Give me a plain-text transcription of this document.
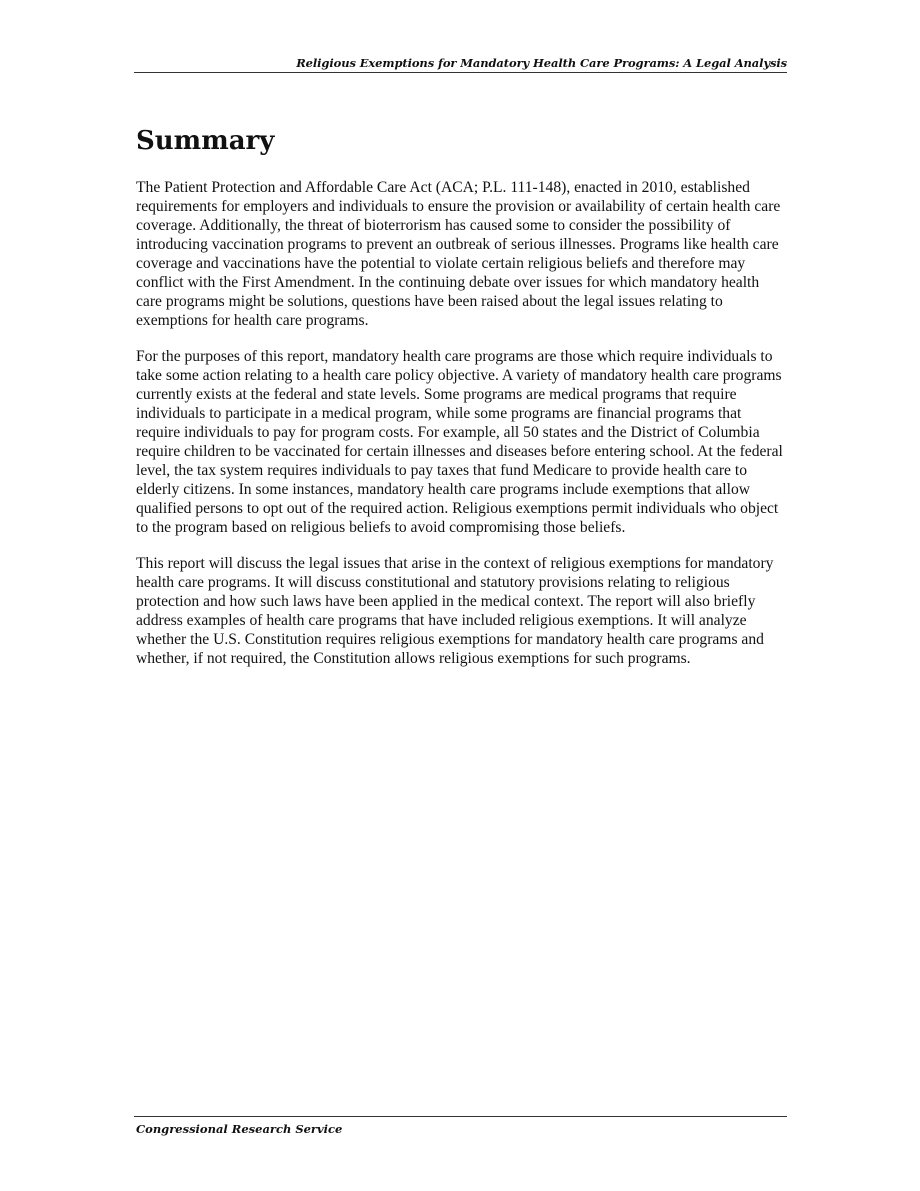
Religious Exemptions for Mandatory Health Care Programs: A Legal Analysis
Summary

The Patient Protection and Affordable Care Act (ACA; P.L. 111-148), enacted in 2010, established requirements for employers and individuals to ensure the provision or availability of certain health care coverage. Additionally, the threat of bioterrorism has caused some to consider the possibility of introducing vaccination programs to prevent an outbreak of serious illnesses. Programs like health care coverage and vaccinations have the potential to violate certain religious beliefs and therefore may conflict with the First Amendment. In the continuing debate over issues for which mandatory health care programs might be solutions, questions have been raised about the legal issues relating to exemptions for health care programs.

For the purposes of this report, mandatory health care programs are those which require individuals to take some action relating to a health care policy objective. A variety of mandatory health care programs currently exists at the federal and state levels. Some programs are medical programs that require individuals to participate in a medical program, while some programs are financial programs that require individuals to pay for program costs. For example, all 50 states and the District of Columbia require children to be vaccinated for certain illnesses and diseases before entering school. At the federal level, the tax system requires individuals to pay taxes that fund Medicare to provide health care to elderly citizens. In some instances, mandatory health care programs include exemptions that allow qualified persons to opt out of the required action. Religious exemptions permit individuals who object to the program based on religious beliefs to avoid compromising those beliefs.

This report will discuss the legal issues that arise in the context of religious exemptions for mandatory health care programs. It will discuss constitutional and statutory provisions relating to religious protection and how such laws have been applied in the medical context. The report will also briefly address examples of health care programs that have included religious exemptions. It will analyze whether the U.S. Constitution requires religious exemptions for mandatory health care programs and whether, if not required, the Constitution allows religious exemptions for such programs.

Congressional Research Service
